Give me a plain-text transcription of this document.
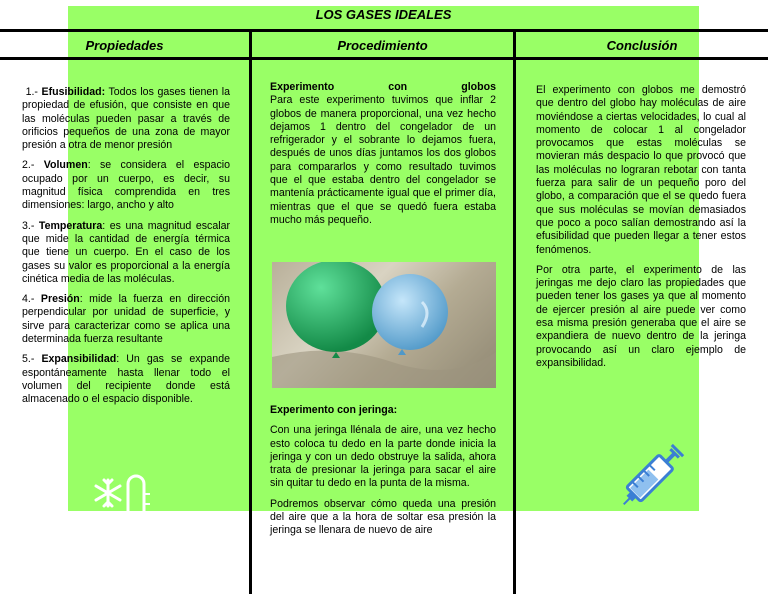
LOS GASES IDEALES
Propiedades	Procedimiento	Conclusión

1.- Efusibilidad: Todos los gases tienen la propiedad de efusión, que consiste en que las moléculas pueden pasar a través de orificios pequeños de una zona de mayor presión a otra de menor presión

2.- Volumen: se considera el espacio ocupado por un cuerpo, es decir, su magnitud física comprendida en tres dimensiones: largo, ancho y alto

3.- Temperatura: es una magnitud escalar que mide la cantidad de energía térmica que tiene un cuerpo. En el caso de los gases su valor es proporcional a la energía cinética media de las moléculas.

4.- Presión: mide la fuerza en dirección perpendicular por unidad de superficie, y sirve para caracterizar como se aplica una determinada fuerza resultante

5.- Expansibilidad: Un gas se expande espontáneamente hasta llenar todo el volumen del recipiente donde está almacenado o el espacio disponible.

Experimento	con	globos

Para este experimento tuvimos que inflar 2 globos de manera proporcional, una vez hecho dejamos 1 dentro del congelador de un refrigerador y el sobrante lo dejamos fuera, después de unos días juntamos los dos globos para compararlos y como resultado tuvimos que el que estaba dentro del congelador se mantenía prácticamente igual que el primer día, mientras que el que se quedó fuera estaba mucho más pequeño.

Experimento con jeringa:

Con una jeringa llénala de aire, una vez hecho esto coloca tu dedo en la parte donde inicia la jeringa y con un dedo obstruye la salida, ahora trata de presionar la jeringa para sacar el aire sin quitar tu dedo en la punta de la misma.

Podremos observar cómo queda una presión del aire que a la hora de soltar esa presión la jeringa se llenara de nuevo de aire

El experimento con globos me demostró que dentro del globo hay moléculas de aire moviéndose a ciertas velocidades, lo cual al momento de colocar 1 al congelador provocamos que estas moléculas se movieran más despacio lo que provocó que las moléculas no lograran rebotar con tanta fuerza para salir de un pequeño poro del globo, a comparación que el se quedo fuera que sus moléculas se movían demasiados que poco a poco salían demostrando así la efusibilidad que pueden llegar a tener estos fenómenos.

Por otra parte, el experimento de las jeringas me dejo claro las propiedades que pueden tener los gases ya que al momento de ejercer presión al aire puede ver como esa misma presión generaba que el aire se expandiera de nuevo dentro de la jeringa provocando así un claro ejemplo de expansibilidad.
